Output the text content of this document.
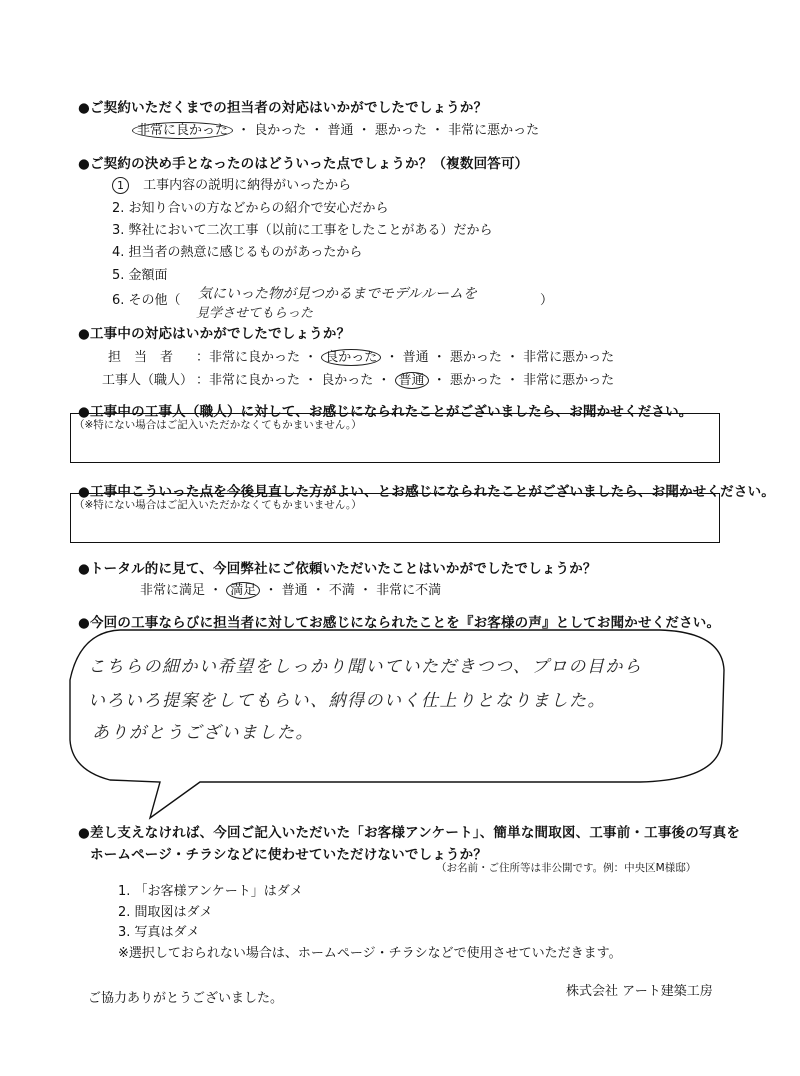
●ご契約いただくまでの担当者の対応はいかがでしたでしょうか？
非常に良かった ・ 良かった ・ 普通 ・ 悪かった ・ 非常に悪かった
●ご契約の決め手となったのはどういった点でしょうか？（複数回答可）
1 工事内容の説明に納得がいったから
2. お知り合いの方などからの紹介で安心だから
3. 弊社において二次工事（以前に工事をしたことがある）だから
4. 担当者の熱意に感じるものがあったから
5. 金額面
6. その他（	）
気にいった物が見つかるまでモデルルームを
見学させてもらった
●工事中の対応はいかがでしたでしょうか？
担　当　者 ：非常に良かった ・ 良かった ・ 普通 ・ 悪かった ・ 非常に悪かった
工事人（職人） ：非常に良かった ・ 良かった ・ 普通 ・ 悪かった ・ 非常に悪かった
●工事中の工事人（職人）に対して、お感じになられたことがございましたら、お聞かせください。
（※特にない場合はご記入いただかなくてもかまいません。）
●工事中こういった点を今後見直した方がよい、とお感じになられたことがございましたら、お聞かせください。
（※特にない場合はご記入いただかなくてもかまいません。）
●トータル的に見て、今回弊社にご依頼いただいたことはいかがでしたでしょうか？
非常に満足 ・ 満足 ・ 普通 ・ 不満 ・ 非常に不満
●今回の工事ならびに担当者に対してお感じになられたことを『お客様の声』としてお聞かせください。
こちらの細かい希望をしっかり聞いていただきつつ、プロの目から
いろいろ提案をしてもらい、納得のいく仕上りとなりました。
ありがとうございました。
●差し支えなければ、今回ご記入いただいた「お客様アンケート」、簡単な間取図、工事前・工事後の写真を
ホームページ・チラシなどに使わせていただけないでしょうか？
（お名前・ご住所等は非公開です。例：中央区M様邸）
1. 「お客様アンケート」はダメ
2. 間取図はダメ
3. 写真はダメ
※選択しておられない場合は、ホームページ・チラシなどで使用させていただきます。
ご協力ありがとうございました。	株式会社 アート建築工房
